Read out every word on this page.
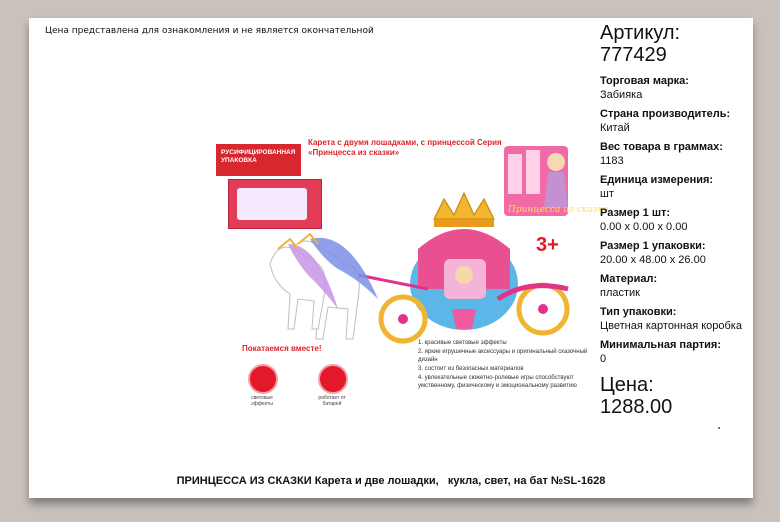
Цена представлена для ознакомления и не является окончательной
РУСИФИЦИРОВАННАЯ УПАКОВКА
Карета с двумя лошадками, с принцессой Серия «Принцесса из сказки»
Принцесса из сказки
3+
Покатаемся вместе!
световые эффекты
работает от батарей
1. красивые световые эффекты
2. яркие игрушечные аксессуары и оригинальный сказочный дизайн
3. состоит из безопасных материалов
4. увлекательные сюжетно-ролевые игры способствуют умственному, физическому и эмоциональному развитию
Артикул:
777429
Торговая марка:
Забияка
Страна производитель:
Китай
Вес товара в граммах:
1183
Единица измерения:
шт
Размер 1 шт:
0.00 х 0.00 х 0.00
Размер 1 упаковки:
20.00 х 48.00 х 26.00
Материал:
пластик
Тип упаковки:
Цветная картонная коробка
Минимальная партия:
0
Цена:
1288.00
ПРИНЦЕССА ИЗ СКАЗКИ Карета и две лошадки,   кукла, свет, на бат №SL-1628
